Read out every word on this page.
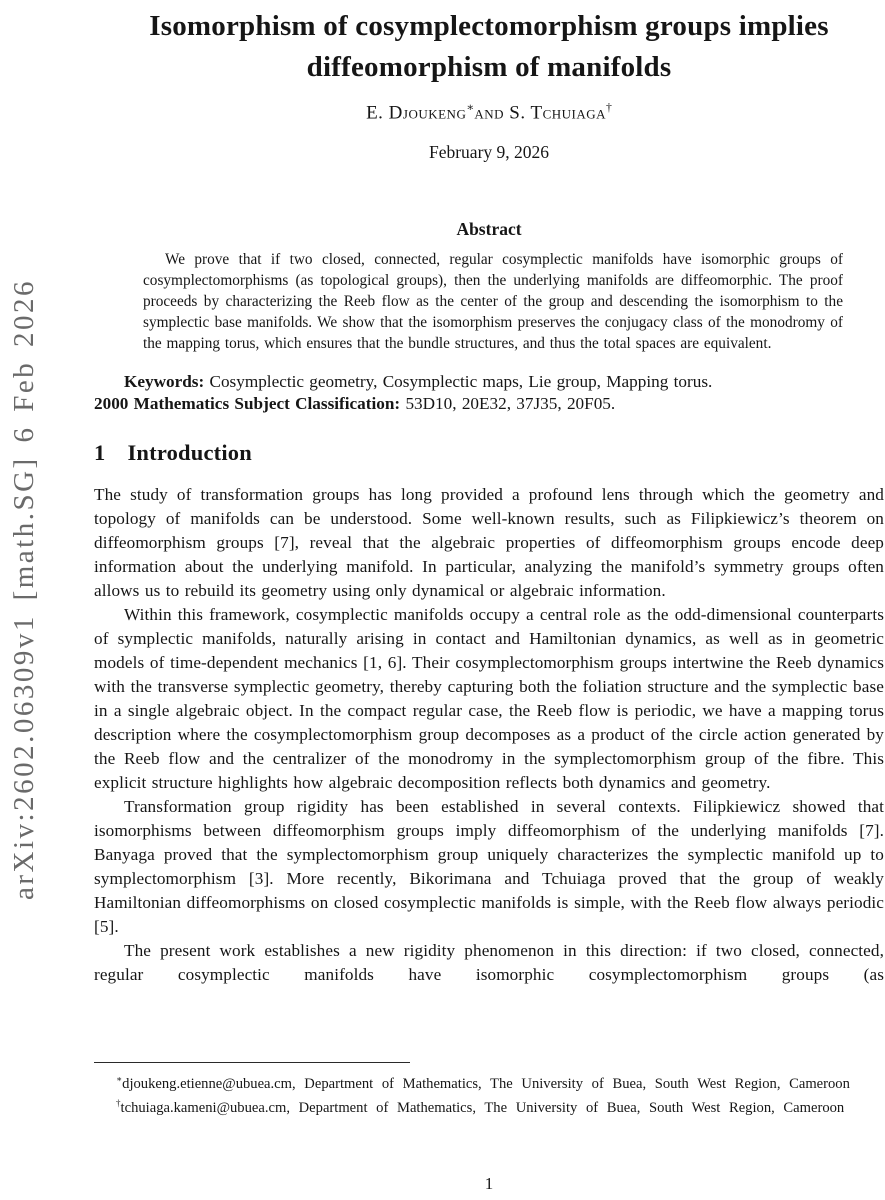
arXiv:2602.06309v1 [math.SG] 6 Feb 2026
Isomorphism of cosymplectomorphism groups implies
diffeomorphism of manifolds
E. Djoukeng∗and S. Tchuiaga†
February 9, 2026
Abstract

We prove that if two closed, connected, regular cosymplectic manifolds have isomorphic groups of cosymplectomorphisms (as topological groups), then the underlying manifolds are diffeomorphic. The proof proceeds by characterizing the Reeb flow as the center of the group and descending the isomorphism to the symplectic base manifolds. We show that the isomorphism preserves the conjugacy class of the monodromy of the mapping torus, which ensures that the bundle structures, and thus the total spaces are equivalent.

Keywords: Cosymplectic geometry, Cosymplectic maps, Lie group, Mapping torus.
2000 Mathematics Subject Classification: 53D10, 20E32, 37J35, 20F05.
1 Introduction

The study of transformation groups has long provided a profound lens through which the geometry and topology of manifolds can be understood. Some well-known results, such as Filipkiewicz’s theorem on diffeomorphism groups [7], reveal that the algebraic properties of diffeomorphism groups encode deep information about the underlying manifold. In particular, analyzing the manifold’s symmetry groups often allows us to rebuild its geometry using only dynamical or algebraic information.

Within this framework, cosymplectic manifolds occupy a central role as the odd-dimensional counterparts of symplectic manifolds, naturally arising in contact and Hamiltonian dynamics, as well as in geometric models of time-dependent mechanics [1, 6]. Their cosymplectomorphism groups intertwine the Reeb dynamics with the transverse symplectic geometry, thereby capturing both the foliation structure and the symplectic base in a single algebraic object. In the compact regular case, the Reeb flow is periodic, we have a mapping torus description where the cosymplectomorphism group decomposes as a product of the circle action generated by the Reeb flow and the centralizer of the monodromy in the symplectomorphism group of the fibre. This explicit structure highlights how algebraic decomposition reflects both dynamics and geometry.

Transformation group rigidity has been established in several contexts. Filipkiewicz showed that isomorphisms between diffeomorphism groups imply diffeomorphism of the underlying manifolds [7]. Banyaga proved that the symplectomorphism group uniquely characterizes the symplectic manifold up to symplectomorphism [3]. More recently, Bikorimana and Tchuiaga proved that the group of weakly Hamiltonian diffeomorphisms on closed cosymplectic manifolds is simple, with the Reeb flow always periodic [5].

The present work establishes a new rigidity phenomenon in this direction: if two closed, connected, regular cosymplectic manifolds have isomorphic cosymplectomorphism groups (as

∗djoukeng.etienne@ubuea.cm, Department of Mathematics, The University of Buea, South West Region, Cameroon

†tchuiaga.kameni@ubuea.cm, Department of Mathematics, The University of Buea, South West Region, Cameroon

1
